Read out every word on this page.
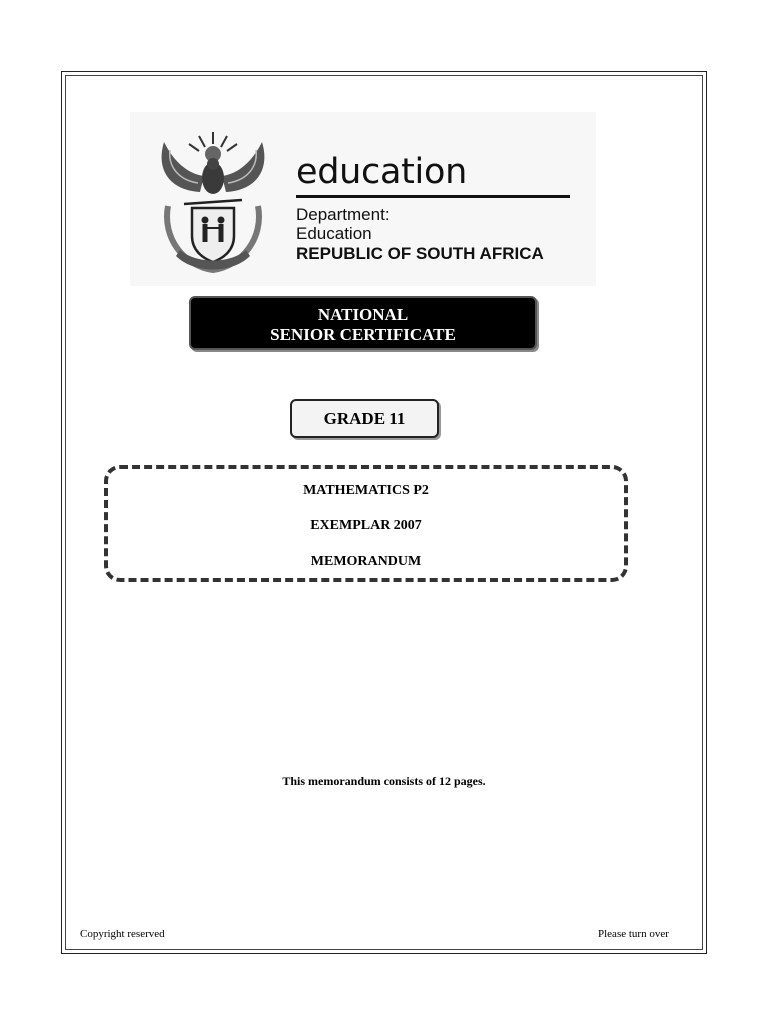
education
Department:
Education
REPUBLIC OF SOUTH AFRICA
NATIONAL
SENIOR CERTIFICATE
GRADE 11
MATHEMATICS P2
EXEMPLAR 2007
MEMORANDUM
This memorandum consists of 12 pages.
Copyright reserved	Please turn over
